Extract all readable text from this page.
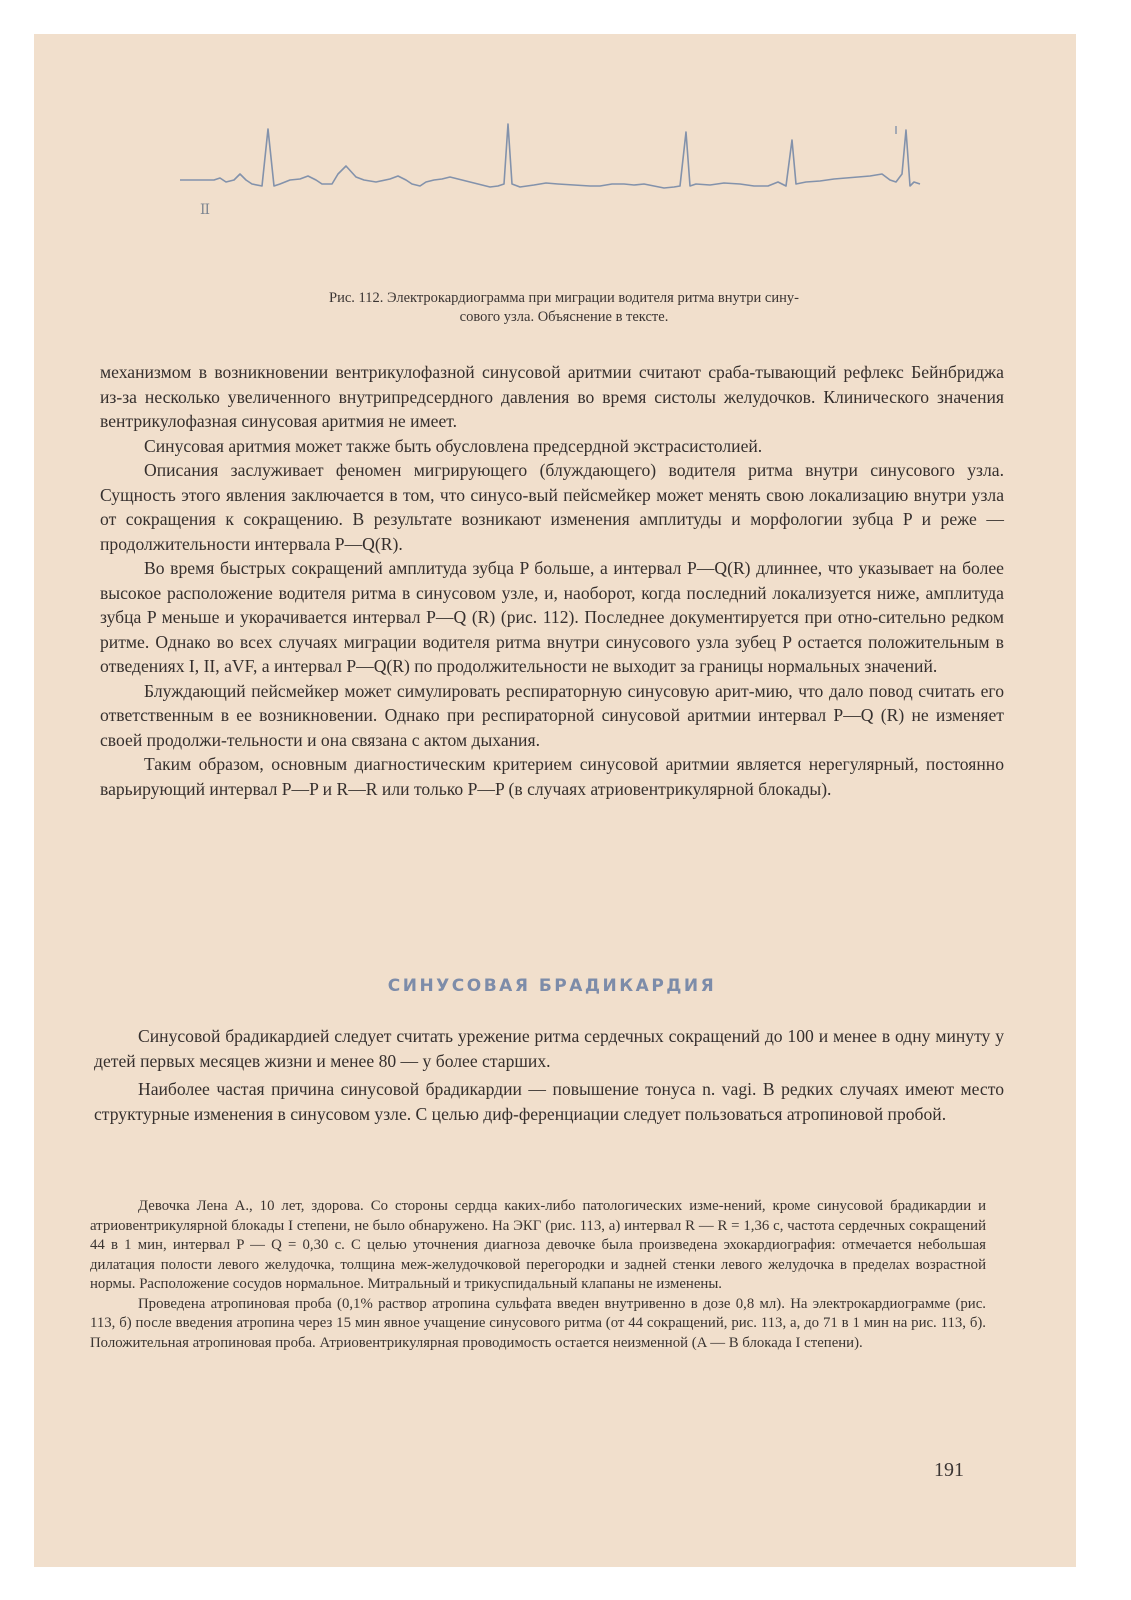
II
Рис. 112. Электрокардиограмма при миграции водителя ритма внутри сину-
сового узла. Объяснение в тексте.

механизмом в возникновении вентрикулофазной синусовой аритмии считают сраба-тывающий рефлекс Бейнбриджа из-за несколько увеличенного внутрипредсердного давления во время систолы желудочков. Клинического значения вентрикулофазная синусовая аритмия не имеет.

Синусовая аритмия может также быть обусловлена предсердной экстрасистолией.

Описания заслуживает феномен мигрирующего (блуждающего) водителя ритма внутри синусового узла. Сущность этого явления заключается в том, что синусо-вый пейсмейкер может менять свою локализацию внутри узла от сокращения к сокращению. В результате возникают изменения амплитуды и морфологии зубца P и реже — продолжительности интервала P—Q(R).

Во время быстрых сокращений амплитуда зубца P больше, а интервал P—Q(R) длиннее, что указывает на более высокое расположение водителя ритма в синусовом узле, и, наоборот, когда последний локализуется ниже, амплитуда зубца P меньше и укорачивается интервал P—Q (R) (рис. 112). Последнее документируется при отно-сительно редком ритме. Однако во всех случаях миграции водителя ритма внутри синусового узла зубец P остается положительным в отведениях I, II, aVF, а интервал P—Q(R) по продолжительности не выходит за границы нормальных значений.

Блуждающий пейсмейкер может симулировать респираторную синусовую арит-мию, что дало повод считать его ответственным в ее возникновении. Однако при респираторной синусовой аритмии интервал P—Q (R) не изменяет своей продолжи-тельности и она связана с актом дыхания.

Таким образом, основным диагностическим критерием синусовой аритмии является нерегулярный, постоянно варьирующий интервал P—P и R—R или только P—P (в случаях атриовентрикулярной блокады).

СИНУСОВАЯ БРАДИКАРДИЯ

Синусовой брадикардией следует считать урежение ритма сердечных сокращений до 100 и менее в одну минуту у детей первых месяцев жизни и менее 80 — у более старших.

Наиболее частая причина синусовой брадикардии — повышение тонуса n. vagi. В редких случаях имеют место структурные изменения в синусовом узле. С целью диф-ференциации следует пользоваться атропиновой пробой.

Девочка Лена А., 10 лет, здорова. Со стороны сердца каких-либо патологических изме-нений, кроме синусовой брадикардии и атриовентрикулярной блокады I степени, не было обнаружено. На ЭКГ (рис. 113, а) интервал R — R = 1,36 с, частота сердечных сокращений 44 в 1 мин, интервал P — Q = 0,30 с. С целью уточнения диагноза девочке была произведена эхокардиография: отмечается небольшая дилатация полости левого желудочка, толщина меж-желудочковой перегородки и задней стенки левого желудочка в пределах возрастной нормы. Расположение сосудов нормальное. Митральный и трикуспидальный клапаны не изменены.

Проведена атропиновая проба (0,1% раствор атропина сульфата введен внутривенно в дозе 0,8 мл). На электрокардиограмме (рис. 113, б) после введения атропина через 15 мин явное учащение синусового ритма (от 44 сокращений, рис. 113, а, до 71 в 1 мин на рис. 113, б). Положительная атропиновая проба. Атриовентрикулярная проводимость остается неизменной (A — B блокада I степени).

191
